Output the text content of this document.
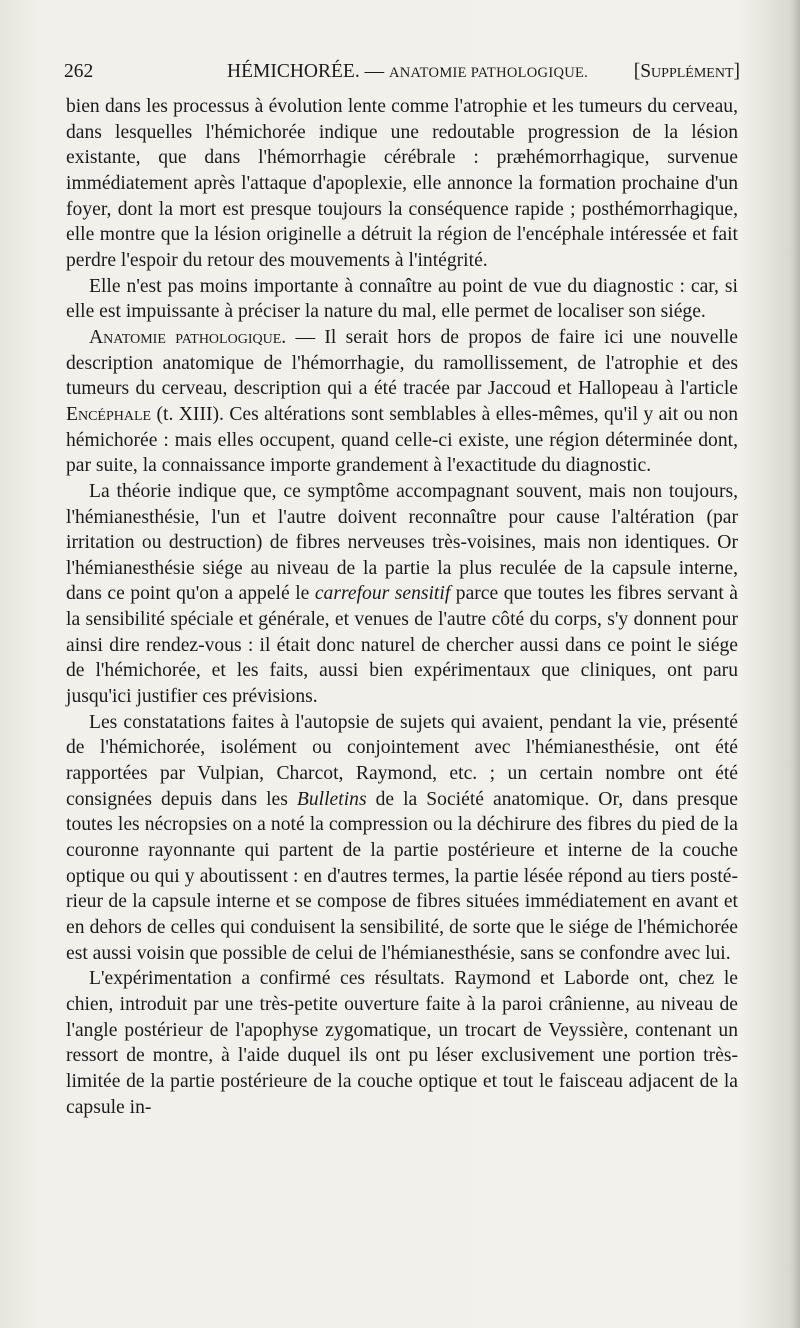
262	HÉMICHORÉE. — ANATOMIE PATHOLOGIQUE. [Supplément]

bien dans les processus à évolution lente comme l'atrophie et les tumeurs du cerveau, dans lesquelles l'hémichorée indique une redoutable progression de la lésion existante, que dans l'hémorrhagie cérébrale : præhémorrhagique, survenue immédiatement après l'attaque d'apoplexie, elle annonce la formation prochaine d'un foyer, dont la mort est presque toujours la conséquence rapide ; posthémorrhagique, elle montre que la lésion originelle a détruit la région de l'encéphale intéressée et fait perdre l'espoir du retour des mouvements à l'intégrité.

Elle n'est pas moins importante à connaître au point de vue du diagnostic : car, si elle est impuissante à préciser la nature du mal, elle permet de localiser son siége.

Anatomie pathologique. — Il serait hors de propos de faire ici une nouvelle description anatomique de l'hémorrhagie, du ramollissement, de l'atrophie et des tumeurs du cerveau, description qui a été tracée par Jaccoud et Hallopeau à l'article Encéphale (t. XIII). Ces altérations sont semblables à elles-mêmes, qu'il y ait ou non hémichorée : mais elles occupent, quand celle-ci existe, une région déterminée dont, par suite, la connaissance importe grandement à l'exactitude du diagnostic.

La théorie indique que, ce symptôme accompagnant souvent, mais non toujours, l'hémianesthésie, l'un et l'autre doivent reconnaître pour cause l'altération (par irritation ou destruction) de fibres nerveuses très-voisines, mais non identiques. Or l'hémianesthésie siége au niveau de la partie la plus reculée de la capsule interne, dans ce point qu'on a appelé le carrefour sensitif parce que toutes les fibres servant à la sensibilité spéciale et générale, et venues de l'autre côté du corps, s'y donnent pour ainsi dire rendez-vous : il était donc naturel de chercher aussi dans ce point le siége de l'hémichorée, et les faits, aussi bien expérimentaux que cliniques, ont paru jusqu'ici justifier ces prévisions.

Les constatations faites à l'autopsie de sujets qui avaient, pendant la vie, présenté de l'hémichorée, isolément ou conjointement avec l'hémianesthésie, ont été rapportées par Vulpian, Charcot, Raymond, etc. ; un certain nombre ont été consignées depuis dans les Bulletins de la Société anatomique. Or, dans presque toutes les nécropsies on a noté la compression ou la déchirure des fibres du pied de la couronne rayonnante qui partent de la partie postérieure et interne de la couche optique ou qui y aboutissent : en d'autres termes, la partie lésée répond au tiers postérieur de la capsule interne et se compose de fibres situées immédiatement en avant et en dehors de celles qui conduisent la sensibilité, de sorte que le siége de l'hémichorée est aussi voisin que possible de celui de l'hémianesthésie, sans se confondre avec lui.

L'expérimentation a confirmé ces résultats. Raymond et Laborde ont, chez le chien, introduit par une très-petite ouverture faite à la paroi crânienne, au niveau de l'angle postérieur de l'apophyse zygomatique, un trocart de Veyssière, contenant un ressort de montre, à l'aide duquel ils ont pu léser exclusivement une portion très-limitée de la partie postérieure de la couche optique et tout le faisceau adjacent de la capsule in-
